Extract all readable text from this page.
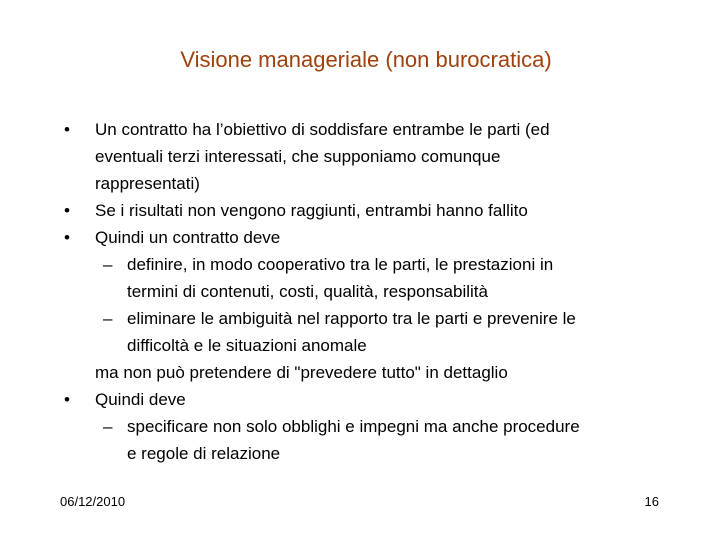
Visione manageriale (non burocratica)
• Un contratto ha l’obiettivo di soddisfare entrambe le parti (ed
eventuali terzi interessati, che supponiamo comunque
rappresentati)
• Se i risultati non vengono raggiunti, entrambi hanno fallito
• Quindi un contratto deve
– definire, in modo cooperativo tra le parti, le prestazioni in
termini di contenuti, costi, qualità, responsabilità
– eliminare le ambiguità nel rapporto tra le parti e prevenire le
difficoltà e le situazioni anomale
ma non può pretendere di "prevedere tutto" in dettaglio
• Quindi deve
– specificare non solo obblighi e impegni ma anche procedure
e regole di relazione
06/12/2010	16
